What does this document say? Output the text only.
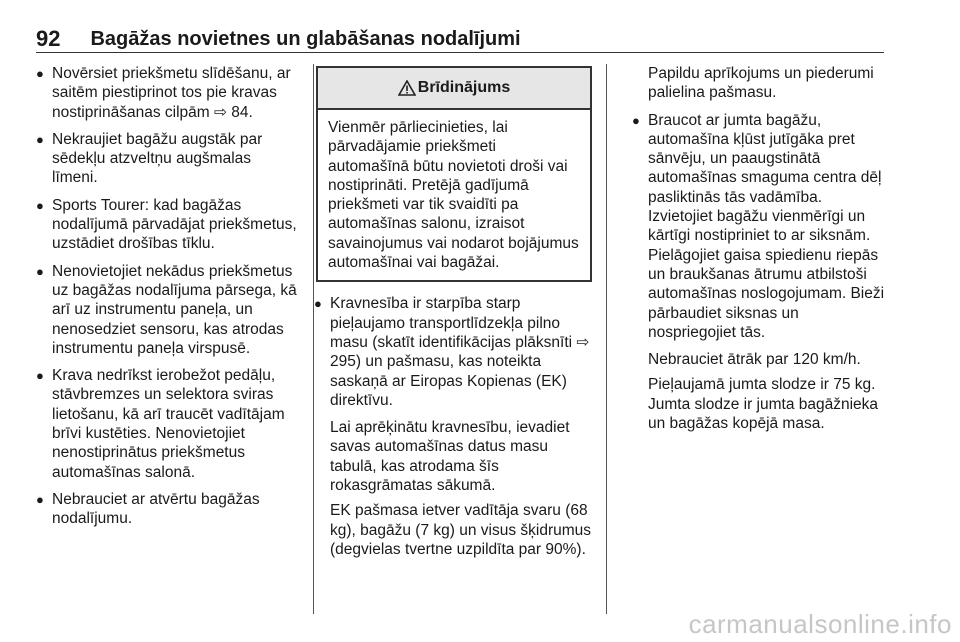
92 Bagāžas novietnes un glabāšanas nodalījumi
● Novērsiet priekšmetu slīdēšanu, ar saitēm piestiprinot tos pie kravas nostiprināšanas cilpām ⇨ 84.
● Nekraujiet bagāžu augstāk par sēdekļu atzveltņu augšmalas līmeni.
● Sports Tourer: kad bagāžas nodalījumā pārvadājat priekšmetus, uzstādiet drošības tīklu.
● Nenovietojiet nekādus priekšmetus uz bagāžas nodalījuma pārsega, kā arī uz instrumentu paneļa, un nenosedziet sensoru, kas atrodas instrumentu paneļa virspusē.
● Krava nedrīkst ierobežot pedāļu, stāvbremzes un selektora sviras lietošanu, kā arī traucēt vadītājam brīvi kustēties. Nenovietojiet nenostiprinātus priekšmetus automašīnas salonā.
● Nebrauciet ar atvērtu bagāžas nodalījumu.
Brīdinājums
Vienmēr pārliecinieties, lai pārvadājamie priekšmeti automašīnā būtu novietoti droši vai nostiprināti. Pretējā gadījumā priekšmeti var tik svaidīti pa automašīnas salonu, izraisot savainojumus vai nodarot bojājumus automašīnai vai bagāžai.
● Kravnesība ir starpība starp pieļaujamo transportlīdzekļa pilno masu (skatīt identifikācijas plāksnīti ⇨ 295) un pašmasu, kas noteikta saskaņā ar Eiropas Kopienas (EK) direktīvu.

Lai aprēķinātu kravnesību, ievadiet savas automašīnas datus masu tabulā, kas atrodama šīs rokasgrāmatas sākumā.

EK pašmasa ietver vadītāja svaru (68 kg), bagāžu (7 kg) un visus šķidrumus (degvielas tvertne uzpildīta par 90%).

Papildu aprīkojums un piederumi palielina pašmasu.

● Braucot ar jumta bagāžu, automašīna kļūst jutīgāka pret sānvēju, un paaugstinātā automašīnas smaguma centra dēļ pasliktinās tās vadāmība. Izvietojiet bagāžu vienmērīgi un kārtīgi nostipriniet to ar siksnām. Pielāgojiet gaisa spiedienu riepās un braukšanas ātrumu atbilstoši automašīnas noslogojumam. Bieži pārbaudiet siksnas un nospriegojiet tās.

Nebrauciet ātrāk par 120 km/h.

Pieļaujamā jumta slodze ir 75 kg. Jumta slodze ir jumta bagāžnieka un bagāžas kopējā masa.

carmanualsonline.info
